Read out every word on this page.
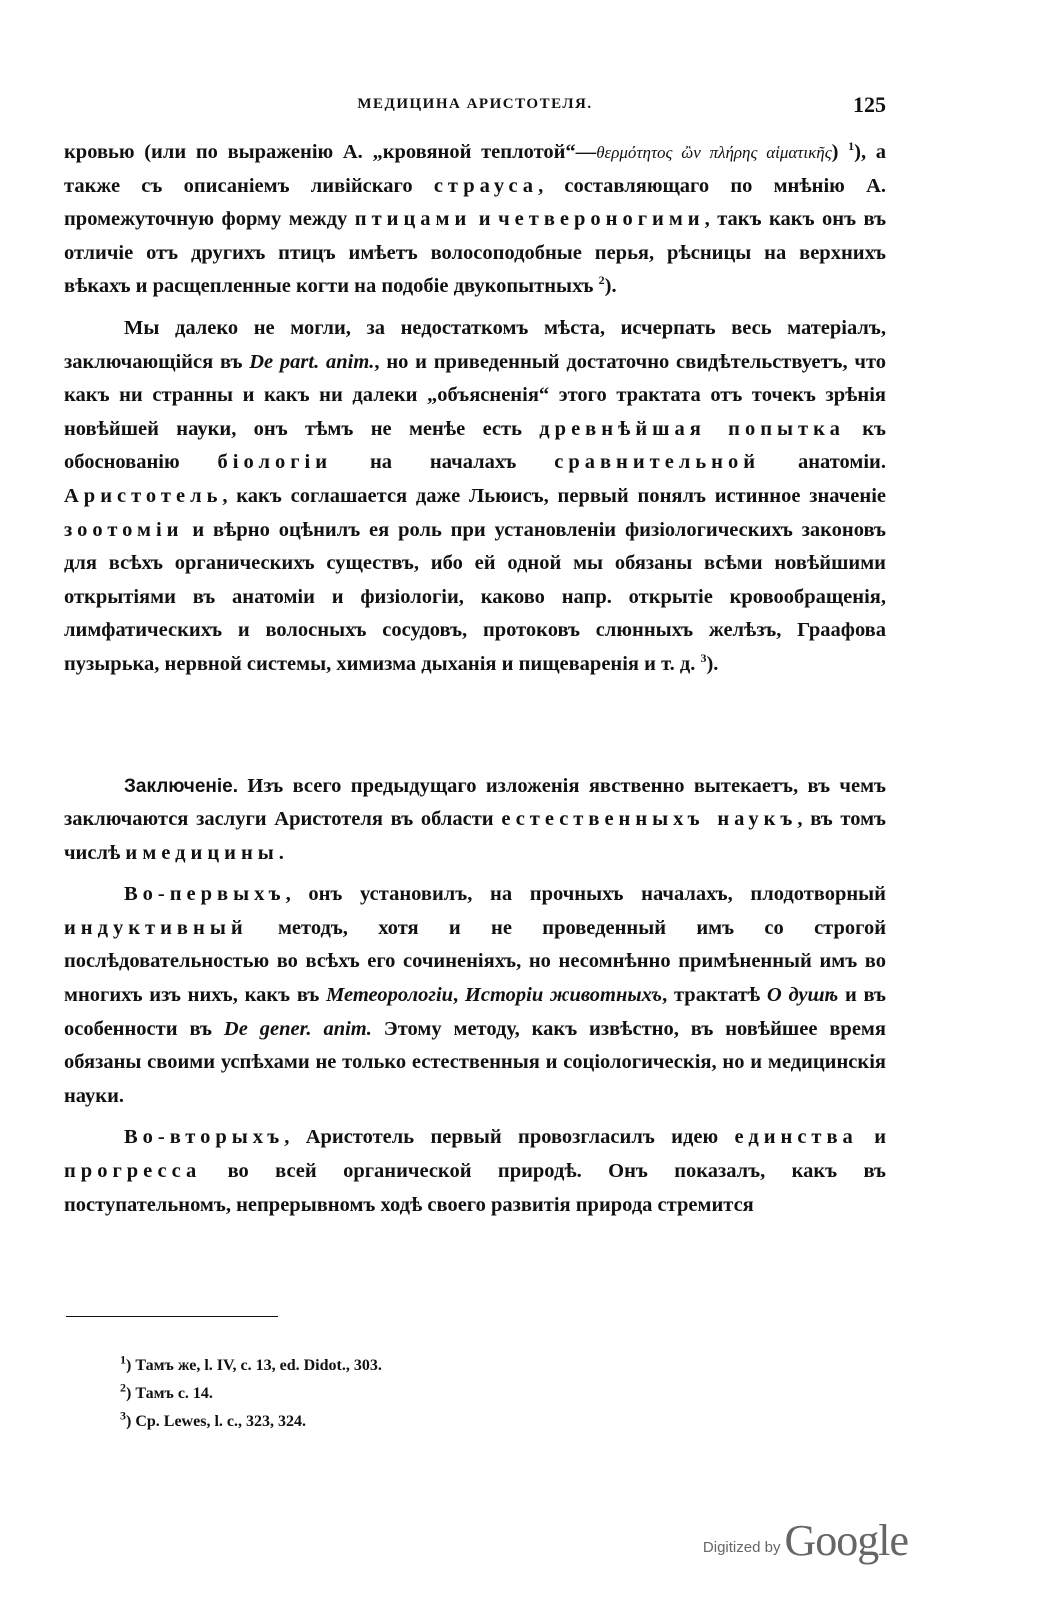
МЕДИЦИНА АРИСТОТЕЛЯ.	125

кровью (или по выраженію А. „кровяной теплотой“—θερμότητος ὢν πλήρης αἱματικῆς) $^1$), а также съ описаніемъ ливійскаго страуса, составляющаго по мнѣнію А. промежуточную форму между птицами и четвероногими, такъ какъ онъ въ отличіе отъ другихъ птицъ имѣетъ волосоподобные перья, рѣсницы на верхнихъ вѣкахъ и расщепленные когти на подобіе двукопытныхъ $^2$).

Мы далеко не могли, за недостаткомъ мѣста, исчерпать весь матеріалъ, заключающійся въ De part. anim., но и приведенный достаточно свидѣтельствуетъ, что какъ ни странны и какъ ни далеки „объясненія“ этого трактата отъ точекъ зрѣнія новѣйшей науки, онъ тѣмъ не менѣе есть древнѣйшая попытка къ обоснованію біологіи на началахъ сравнительной анатоміи. Аристотель, какъ соглашается даже Льюисъ, первый понялъ истинное значеніе зоотоміи и вѣрно оцѣнилъ ея роль при установленіи физіологическихъ законовъ для всѣхъ органическихъ существъ, ибо ей одной мы обязаны всѣми новѣйшими открытіями въ анатоміи и физіологіи, каково напр. открытіе кровообращенія, лимфатическихъ и волосныхъ сосудовъ, протоковъ слюнныхъ желѣзъ, Граафова пузырька, нервной системы, химизма дыханія и пищеваренія и т. д. $^3$).

Заключеніе. Изъ всего предыдущаго изложенія явственно вытекаетъ, въ чемъ заключаются заслуги Аристотеля въ области естественныхъ наукъ, въ томъ числѣ и медицины.

Во-первыхъ, онъ установилъ, на прочныхъ началахъ, плодотворный индуктивный методъ, хотя и не проведенный имъ со строгой послѣдовательностью во всѣхъ его сочиненіяхъ, но несомнѣнно примѣненный имъ во многихъ изъ нихъ, какъ въ Метеорологіи, Исторіи животныхъ, трактатѣ О душѣ и въ особенности въ De gener. anim. Этому методу, какъ извѣстно, въ новѣйшее время обязаны своими успѣхами не только естественныя и соціологическія, но и медицинскія науки.

Во-вторыхъ, Аристотель первый провозгласилъ идею единства и прогресса во всей органической природѣ. Онъ показалъ, какъ въ поступательномъ, непрерывномъ ходѣ своего развитія природа стремится

$^1$) Тамъ же, l. IV, c. 13, ed. Didot., 303.
$^2$) Тамъ с. 14.
$^3$) Cp. Lewes, l. c., 323, 324.
Digitized by Google
